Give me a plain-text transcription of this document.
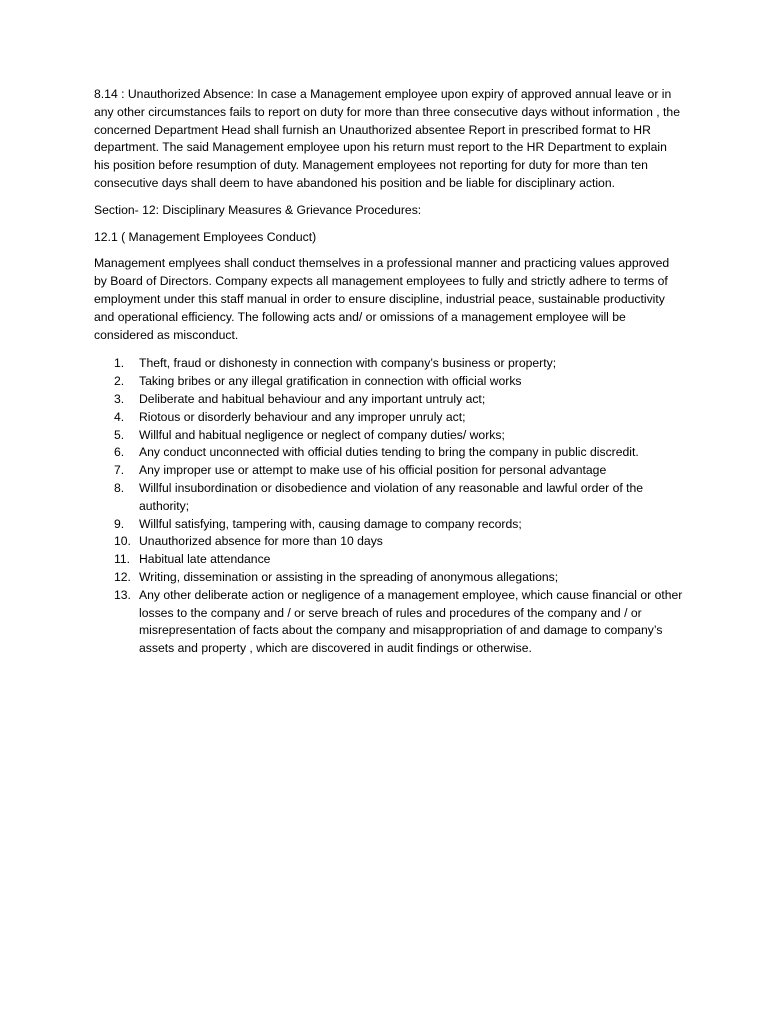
8.14 : Unauthorized Absence: In case a Management employee upon expiry of approved annual leave or in any other circumstances fails to report on duty for more than three consecutive days without information , the concerned Department Head shall furnish an Unauthorized absentee Report in prescribed format to HR department. The said Management employee upon his return must report to the HR Department to explain his position before resumption of duty. Management employees not reporting for duty for more than ten consecutive days shall deem to have abandoned his position and be liable for disciplinary action.

Section- 12: Disciplinary Measures & Grievance Procedures:

12.1 ( Management Employees Conduct)

Management emplyees shall conduct themselves in a professional manner and practicing values approved by Board of Directors. Company expects all management employees to fully and strictly adhere to terms of employment under this staff manual in order to ensure discipline, industrial peace, sustainable productivity and operational efficiency. The following acts and/ or omissions of a management employee will be considered as misconduct.

1. Theft, fraud or dishonesty in connection with company’s business or property;
2. Taking bribes or any illegal gratification in connection with official works
3. Deliberate and habitual behaviour and any important untruly act;
4. Riotous or disorderly behaviour and any improper unruly act;
5. Willful and habitual negligence or neglect of company duties/ works;
6. Any conduct unconnected with official duties tending to bring the company in public discredit.
7. Any improper use or attempt to make use of his official position for personal advantage
8. Willful insubordination or disobedience and violation of any reasonable and lawful order of the authority;
9. Willful satisfying, tampering with, causing damage to company records;
10. Unauthorized absence for more than 10 days
11. Habitual late attendance
12. Writing, dissemination or assisting in the spreading of anonymous allegations;
13. Any other deliberate action or negligence of a management employee, which cause financial or other losses to the company and / or serve breach of rules and procedures of the company and / or misrepresentation of facts about the company and misappropriation of and damage to company’s assets and property , which are discovered in audit findings or otherwise.
